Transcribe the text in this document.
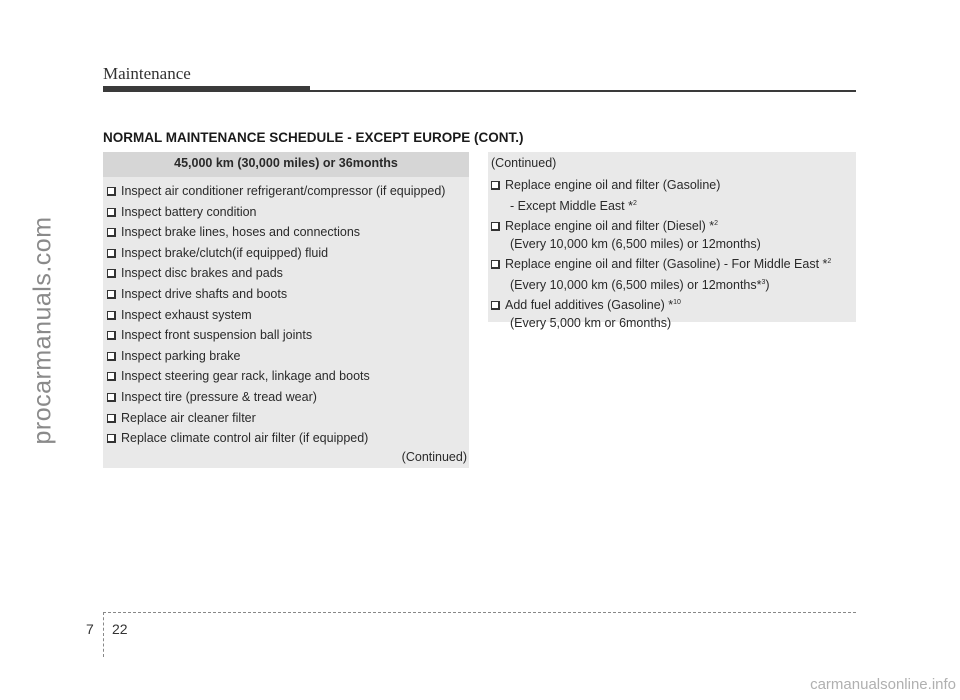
Maintenance
procarmanuals.com
NORMAL MAINTENANCE SCHEDULE - EXCEPT EUROPE (CONT.)
45,000 km (30,000 miles) or 36months
Inspect air conditioner refrigerant/compressor (if equipped)
Inspect battery condition
Inspect brake lines, hoses and connections
Inspect brake/clutch(if equipped) fluid
Inspect disc brakes and pads
Inspect drive shafts and boots
Inspect exhaust system
Inspect front suspension ball joints
Inspect parking brake
Inspect steering gear rack, linkage and boots
Inspect tire (pressure & tread wear)
Replace air cleaner filter
Replace climate control air filter (if equipped)
(Continued)
(Continued)
Replace engine oil and filter (Gasoline)
- Except Middle East *$^2$
Replace engine oil and filter (Diesel) *$^2$
(Every 10,000 km (6,500 miles) or 12months)
Replace engine oil and filter (Gasoline) - For Middle East *$^2$
(Every 10,000 km (6,500 miles) or 12months*$^3$)
Add fuel additives (Gasoline) *$^{10}$
(Every 5,000 km or 6months)
7 22
carmanualsonline.info
